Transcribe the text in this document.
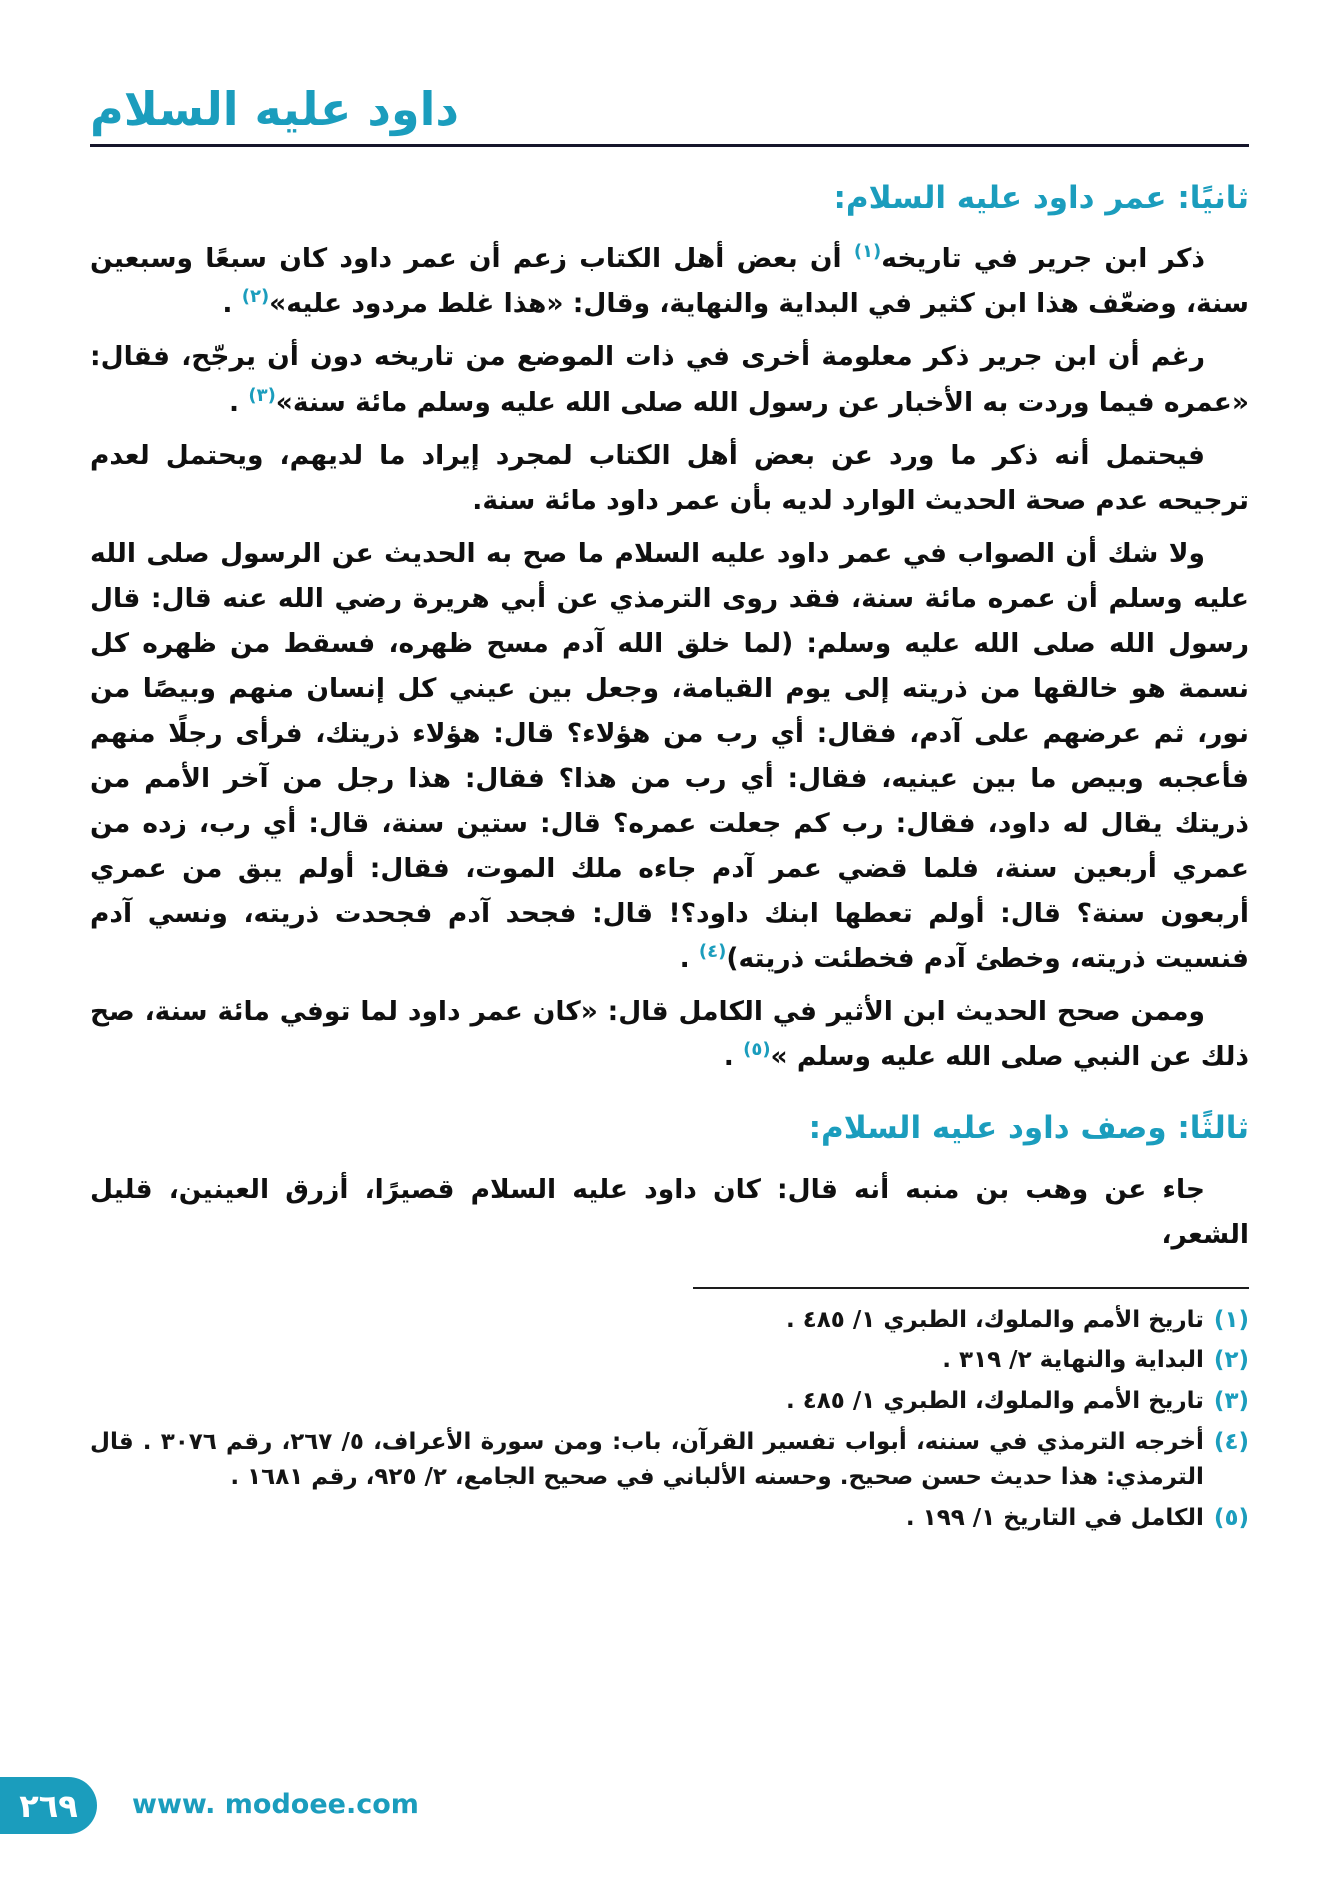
داود عليه السلام
ثانيًا: عمر داود عليه السلام:

ذكر ابن جرير في تاريخه$^{(١)}$ أن بعض أهل الكتاب زعم أن عمر داود كان سبعًا وسبعين سنة، وضعّف هذا ابن كثير في البداية والنهاية، وقال: «هذا غلط مردود عليه»$^{(٢)}$ .

رغم أن ابن جرير ذكر معلومة أخرى في ذات الموضع من تاريخه دون أن يرجّح، فقال: «عمره فيما وردت به الأخبار عن رسول الله صلى الله عليه وسلم مائة سنة»$^{(٣)}$ .

فيحتمل أنه ذكر ما ورد عن بعض أهل الكتاب لمجرد إيراد ما لديهم، ويحتمل لعدم ترجيحه عدم صحة الحديث الوارد لديه بأن عمر داود مائة سنة.

ولا شك أن الصواب في عمر داود عليه السلام ما صح به الحديث عن الرسول صلى الله عليه وسلم أن عمره مائة سنة، فقد روى الترمذي عن أبي هريرة رضي الله عنه قال: قال رسول الله صلى الله عليه وسلم: (لما خلق الله آدم مسح ظهره، فسقط من ظهره كل نسمة هو خالقها من ذريته إلى يوم القيامة، وجعل بين عيني كل إنسان منهم وبيصًا من نور، ثم عرضهم على آدم، فقال: أي رب من هؤلاء؟ قال: هؤلاء ذريتك، فرأى رجلًا منهم فأعجبه وبيص ما بين عينيه، فقال: أي رب من هذا؟ فقال: هذا رجل من آخر الأمم من ذريتك يقال له داود، فقال: رب كم جعلت عمره؟ قال: ستين سنة، قال: أي رب، زده من عمري أربعين سنة، فلما قضي عمر آدم جاءه ملك الموت، فقال: أولم يبق من عمري أربعون سنة؟ قال: أولم تعطها ابنك داود؟! قال: فجحد آدم فجحدت ذريته، ونسي آدم فنسيت ذريته، وخطئ آدم فخطئت ذريته)$^{(٤)}$ .

وممن صحح الحديث ابن الأثير في الكامل قال: «كان عمر داود لما توفي مائة سنة، صح ذلك عن النبي صلى الله عليه وسلم »$^{(٥)}$ .

ثالثًا: وصف داود عليه السلام:

جاء عن وهب بن منبه أنه قال: كان داود عليه السلام قصيرًا، أزرق العينين، قليل الشعر،

(١)
تاريخ الأمم والملوك، الطبري ١/ ٤٨٥ .
(٢)
البداية والنهاية ٢/ ٣١٩ .
(٣)
تاريخ الأمم والملوك، الطبري ١/ ٤٨٥ .
(٤)
أخرجه الترمذي في سننه، أبواب تفسير القرآن، باب: ومن سورة الأعراف، ٥/ ٢٦٧، رقم ٣٠٧٦ . قال الترمذي: هذا حديث حسن صحيح. وحسنه الألباني في صحيح الجامع، ٢/ ٩٢٥، رقم ١٦٨١ .
(٥)
الكامل في التاريخ ١/ ١٩٩ .
٢٦٩ www. modoee.com
